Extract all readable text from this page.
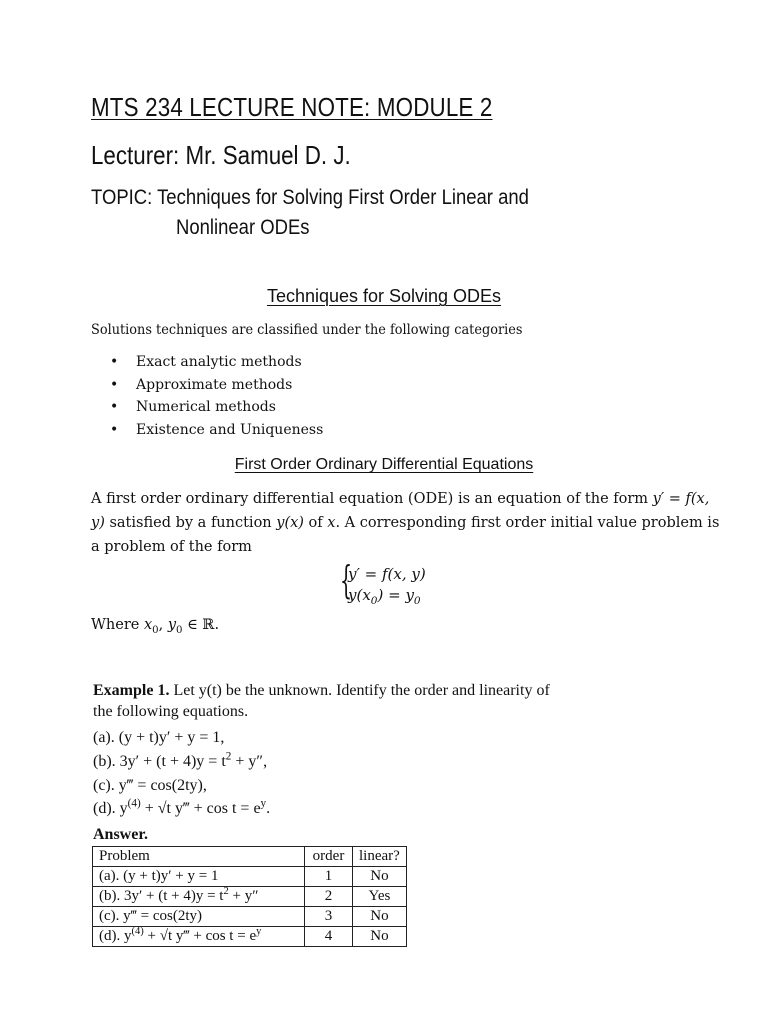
MTS 234 LECTURE NOTE: MODULE 2
Lecturer: Mr. Samuel D. J.
TOPIC: Techniques for Solving First Order Linear and
Nonlinear ODEs
Techniques for Solving ODEs
Solutions techniques are classified under the following categories
• Exact analytic methods
• Approximate methods
• Numerical methods
• Existence and Uniqueness
First Order Ordinary Differential Equations
A first order ordinary differential equation (ODE) is an equation of the form y′ = f(x, y) satisfied by a function y(x) of x. A corresponding first order initial value problem is a problem of the form
{
y′ = f(x, y)
$y(x_0) = y_0$
Where $x_0$, $y_0$ ∈ ℝ.
Example 1. Let y(t) be the unknown. Identify the order and linearity of
the following equations.
(a). (y + t)y′ + y = 1,
(b). $3y' + (t + 4)y = t^2 + y''$,
(c). y‴ = cos(2ty),
(d). $y^{(4)} + √t$ y‴ + $\cos t = e^y$.
Answer.
Problem	order	linear?
(a). (y + t)y′ + y = 1	1	No
(b). $3y' + (t + 4)y = t^2 + y''$	2	Yes
(c). y‴ = cos(2ty)	3	No
(d). $y^{(4)} + √t$ y‴ + $\cos t = e^y$	4	No
